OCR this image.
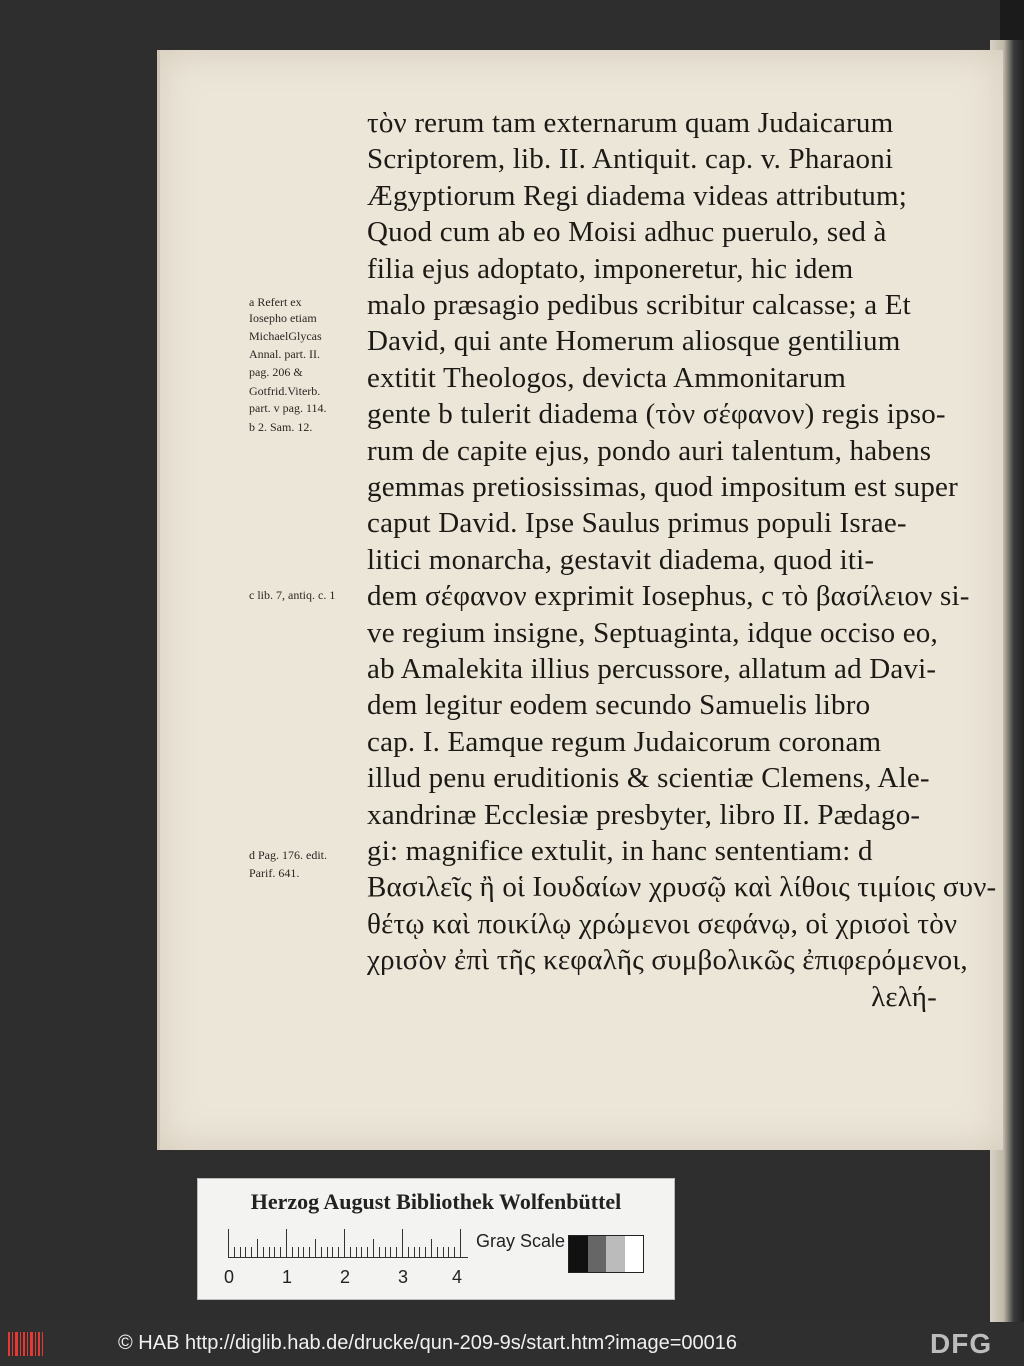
τὸν rerum tam externarum quam Judaicarum
Scriptorem, lib. II. Antiquit. cap. v. Pharaoni
Ægyptiorum Regi diadema videas attributum;
Quod cum ab eo Moisi adhuc puerulo, sed à
filia ejus adoptato, imponeretur, hic idem
malo præsagio pedibus scribitur calcasse; a Et
David, qui ante Homerum aliosque gentilium
extitit Theologos, devicta Ammonitarum
gente b tulerit diadema (τὸν σέφανον) regis ipso-
rum de capite ejus, pondo auri talentum, habens
gemmas pretiosissimas, quod impositum est super
caput David. Ipse Saulus primus populi Israe-
litici monarcha, gestavit diadema, quod iti-
dem σέφανον exprimit Iosephus, c τὸ βασίλειον si-
ve regium insigne, Septuaginta, idque occiso eo,
ab Amalekita illius percussore, allatum ad Davi-
dem legitur eodem secundo Samuelis libro
cap. I. Eamque regum Judaicorum coronam
illud penu eruditionis & scientiæ Clemens, Ale-
xandrinæ Ecclesiæ presbyter, libro II. Pædago-
gi: magnifice extulit, in hanc sententiam: d
Βασιλεῖς ἢ οἱ Ιουδαίων χρυσῷ καὶ λίθοις τιμίοις συν-
θέτῳ καὶ ποικίλῳ χρώμενοι σεφάνῳ, οἱ χρισοὶ τὸν
χρισὸν ἐπὶ τῆς κεφαλῆς συμβολικῶς ἐπιφερόμενοι,
λελή-
a Refert ex
Iosepho etiam
MichaelGlycas
Annal. part. II.
pag. 206 &
Gotfrid.Viterb.
part. v pag. 114.
b 2. Sam. 12.
c lib. 7, antiq. c. 1
d Pag. 176. edit.
Parif. 641.
Herzog August Bibliothek Wolfenbüttel
0	1	2	3 4
Gray Scale
© HAB http://diglib.hab.de/drucke/qun-209-9s/start.htm?image=00016	DFG
